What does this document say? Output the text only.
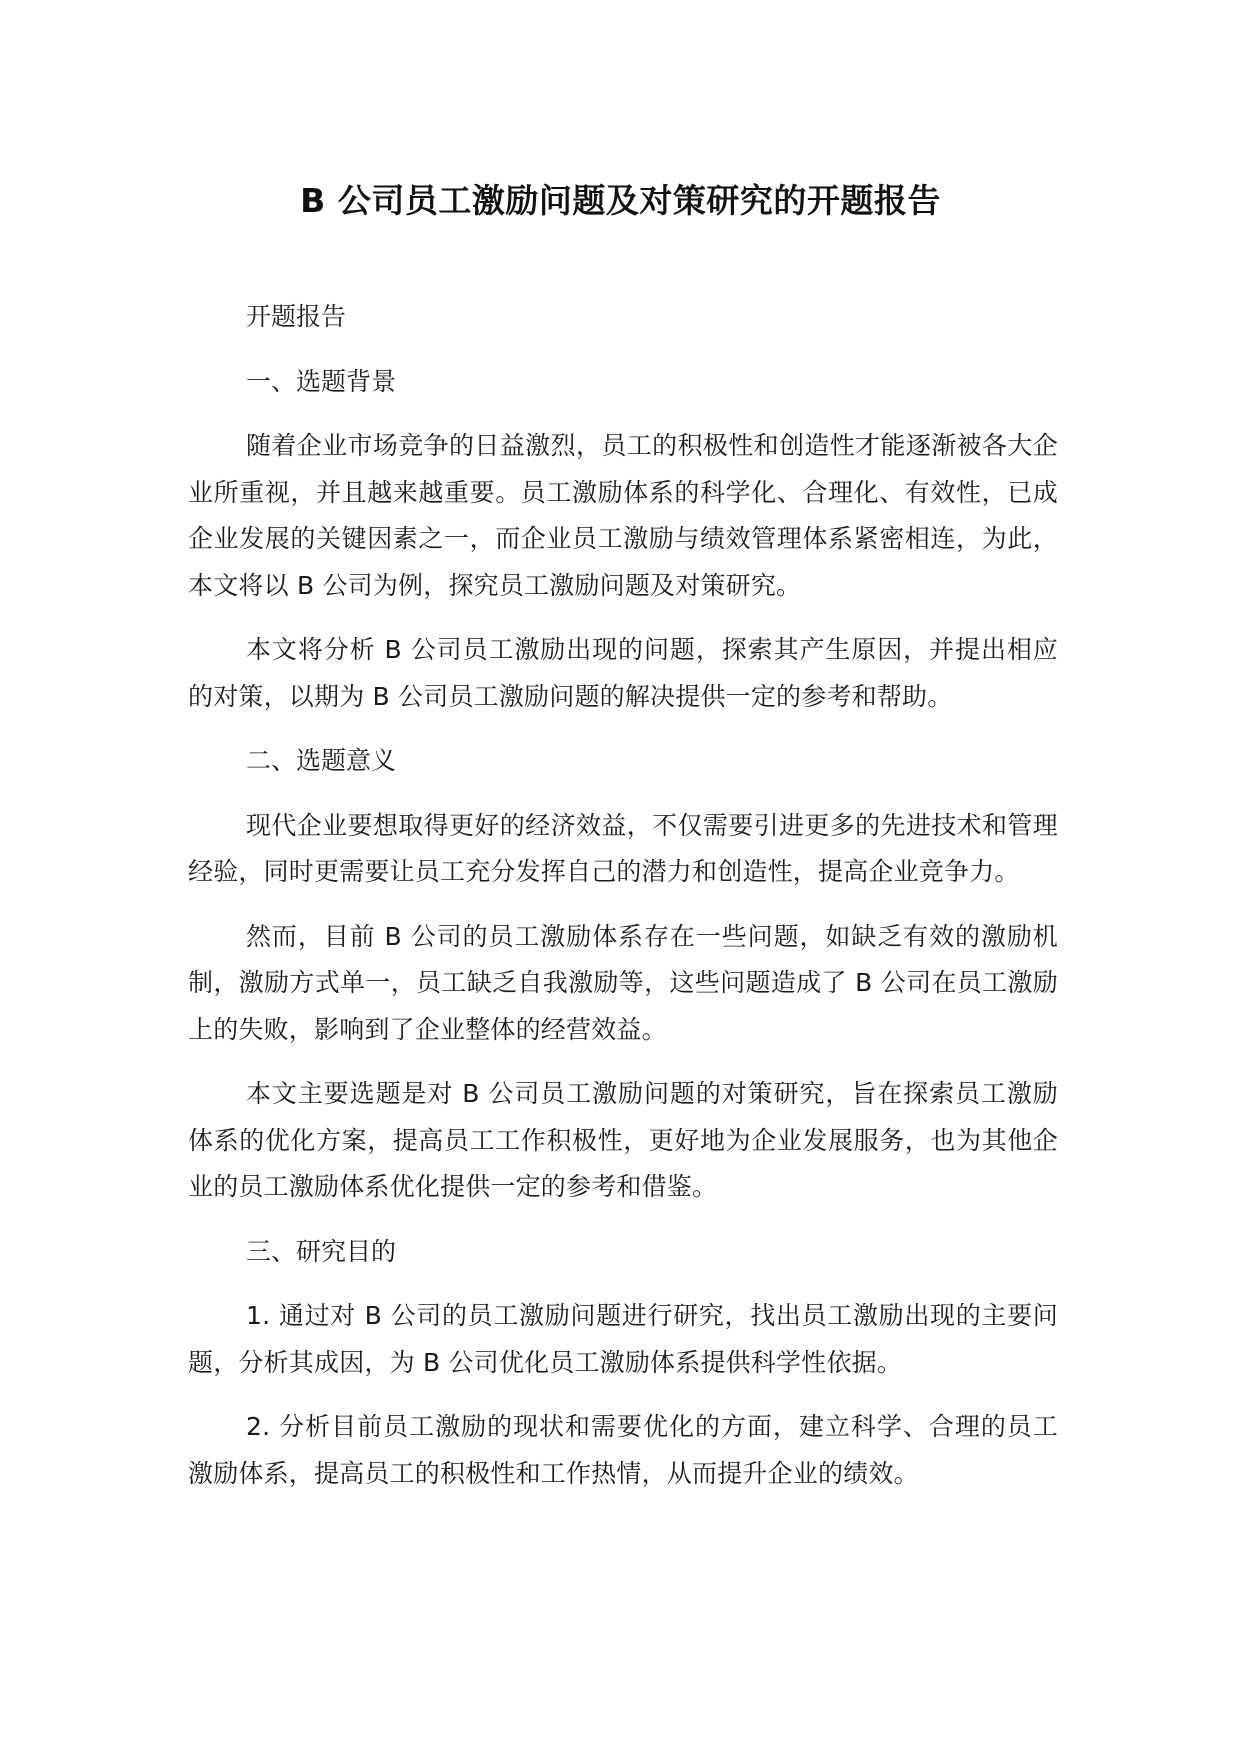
B 公司员工激励问题及对策研究的开题报告

开题报告

一、选题背景

随着企业市场竞争的日益激烈，员工的积极性和创造性才能逐渐被各大企业所重视，并且越来越重要。员工激励体系的科学化、合理化、有效性，已成企业发展的关键因素之一，而企业员工激励与绩效管理体系紧密相连，为此，本文将以 B 公司为例，探究员工激励问题及对策研究。

本文将分析 B 公司员工激励出现的问题，探索其产生原因，并提出相应的对策，以期为 B 公司员工激励问题的解决提供一定的参考和帮助。

二、选题意义

现代企业要想取得更好的经济效益，不仅需要引进更多的先进技术和管理经验，同时更需要让员工充分发挥自己的潜力和创造性，提高企业竞争力。

然而，目前 B 公司的员工激励体系存在一些问题，如缺乏有效的激励机制，激励方式单一，员工缺乏自我激励等，这些问题造成了 B 公司在员工激励上的失败，影响到了企业整体的经营效益。

本文主要选题是对 B 公司员工激励问题的对策研究，旨在探索员工激励体系的优化方案，提高员工工作积极性，更好地为企业发展服务，也为其他企业的员工激励体系优化提供一定的参考和借鉴。

三、研究目的

1. 通过对 B 公司的员工激励问题进行研究，找出员工激励出现的主要问题，分析其成因，为 B 公司优化员工激励体系提供科学性依据。

2. 分析目前员工激励的现状和需要优化的方面，建立科学、合理的员工激励体系，提高员工的积极性和工作热情，从而提升企业的绩效。
